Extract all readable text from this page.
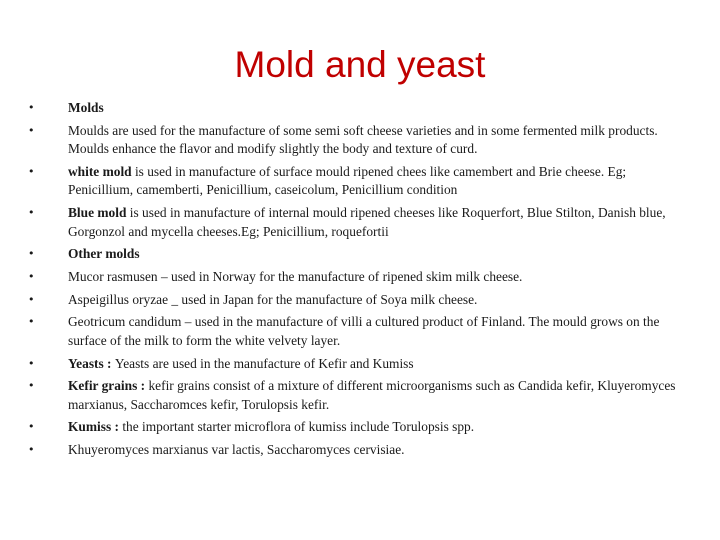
Mold and yeast
•	Molds
•	Moulds are used for the manufacture of some semi soft cheese varieties and in some fermented milk products. Moulds enhance the flavor and modify slightly the body and texture of curd.
•	white mold is used in manufacture of surface mould ripened chees like camembert and Brie cheese. Eg; Penicillium, camemberti, Penicillium, caseicolum, Penicillium condition
•	Blue mold is used in manufacture of internal mould ripened cheeses like Roquerfort, Blue Stilton, Danish blue, Gorgonzol and mycella cheeses.Eg; Penicillium, roquefortii
•	Other molds
•	Mucor rasmusen – used in Norway for the manufacture of ripened skim milk cheese.
•	Aspeigillus oryzae _ used in Japan for the manufacture of Soya milk cheese.
•	Geotricum candidum – used in the manufacture of villi a cultured product of Finland. The mould grows on the surface of the milk to form the white velvety layer.
•	Yeasts : Yeasts are used in the manufacture of Kefir and Kumiss
•	Kefir grains : kefir grains consist of a mixture of different microorganisms such as Candida kefir, Kluyeromyces marxianus, Saccharomces kefir, Torulopsis kefir.
•	Kumiss : the important starter microflora of kumiss include Torulopsis spp.
•	Khuyeromyces marxianus var lactis, Saccharomyces cervisiae.
